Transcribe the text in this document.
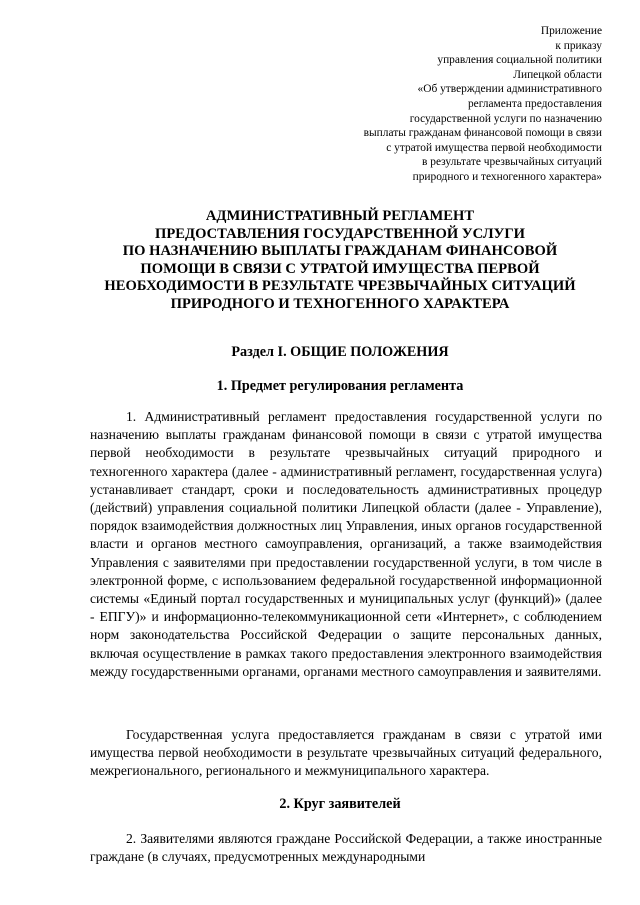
Приложение
к приказу
управления социальной политики
Липецкой области
«Об утверждении административного
регламента предоставления
государственной услуги по назначению
выплаты гражданам финансовой помощи в связи
с утратой имущества первой необходимости
в результате чрезвычайных ситуаций
природного и техногенного характера»
АДМИНИСТРАТИВНЫЙ РЕГЛАМЕНТ
ПРЕДОСТАВЛЕНИЯ ГОСУДАРСТВЕННОЙ УСЛУГИ
ПО НАЗНАЧЕНИЮ ВЫПЛАТЫ ГРАЖДАНАМ ФИНАНСОВОЙ
ПОМОЩИ В СВЯЗИ С УТРАТОЙ ИМУЩЕСТВА ПЕРВОЙ
НЕОБХОДИМОСТИ В РЕЗУЛЬТАТЕ ЧРЕЗВЫЧАЙНЫХ СИТУАЦИЙ
ПРИРОДНОГО И ТЕХНОГЕННОГО ХАРАКТЕРА
Раздел I. ОБЩИЕ ПОЛОЖЕНИЯ
1. Предмет регулирования регламента

1. Административный регламент предоставления государственной услуги по назначению выплаты гражданам финансовой помощи в связи с утратой имущества первой необходимости в результате чрезвычайных ситуаций природного и техногенного характера (далее - административный регламент, государственная услуга) устанавливает стандарт, сроки и последовательность административных процедур (действий) управления социальной политики Липецкой области (далее - Управление), порядок взаимодействия должностных лиц Управления, иных органов государственной власти и органов местного самоуправления, организаций, а также взаимодействия Управления с заявителями при предоставлении государственной услуги, в том числе в электронной форме, с использованием федеральной государственной информационной системы «Единый портал государственных и муниципальных услуг (функций)» (далее - ЕПГУ)» и информационно-телекоммуникационной сети «Интернет», с соблюдением норм законодательства Российской Федерации о защите персональных данных, включая осуществление в рамках такого предоставления электронного взаимодействия между государственными органами, органами местного самоуправления и заявителями.

Государственная услуга предоставляется гражданам в связи с утратой ими имущества первой необходимости в результате чрезвычайных ситуаций федерального, межрегионального, регионального и межмуниципального характера.

2. Круг заявителей

2. Заявителями являются граждане Российской Федерации, а также иностранные граждане (в случаях, предусмотренных международными
